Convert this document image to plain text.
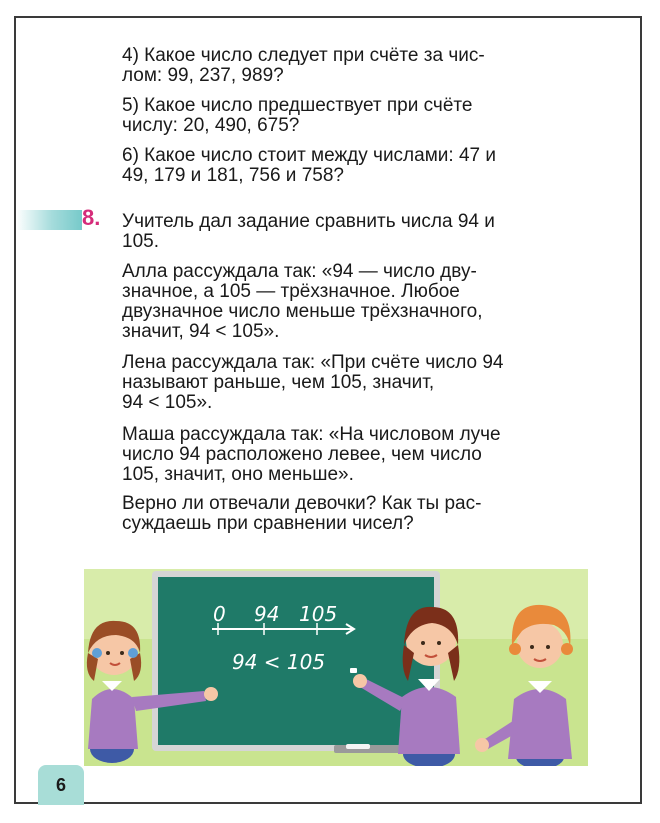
4) Какое число следует при счёте за чис-
лом: 99, 237, 989?

5) Какое число предшествует при счёте
числу: 20, 490, 675?

6) Какое число стоит между числами: 47 и
49, 179 и 181, 756 и 758?

8. Учитель дал задание сравнить числа 94 и
105.

Алла рассуждала так: «94 — число дву-
значное, а 105 — трёхзначное. Любое
двузначное число меньше трёхзначного,
значит, 94 < 105».

Лена рассуждала так: «При счёте число 94
называют раньше, чем 105, значит,
94 < 105».

Маша рассуждала так: «На числовом луче
число 94 расположено левее, чем число
105, значит, оно меньше».

Верно ли отвечали девочки? Как ты рас-
суждаешь при сравнении чисел?

0 94 105
94 < 105
6
